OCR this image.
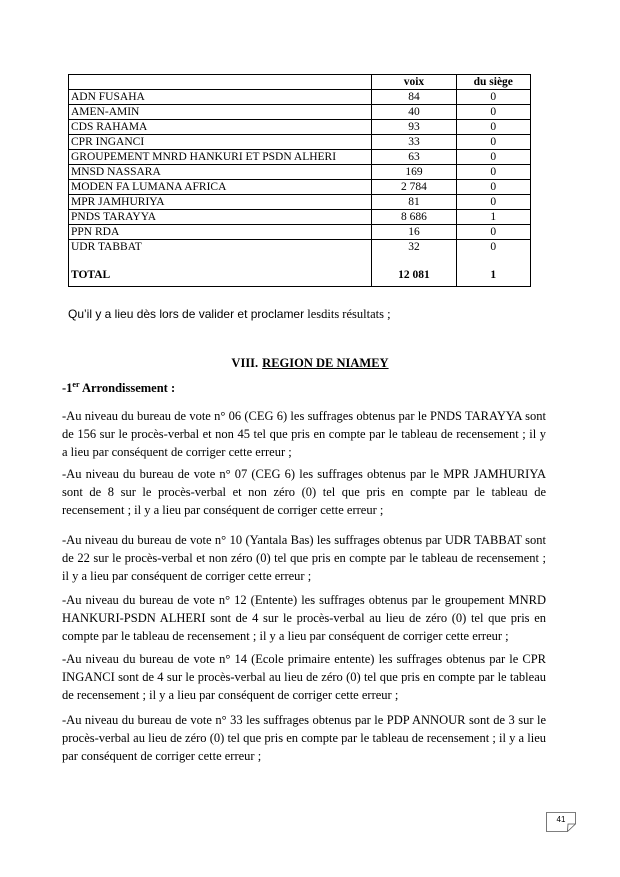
	voix	du siège
ADN FUSAHA	84	0
AMEN-AMIN	40	0
CDS RAHAMA	93	0
CPR INGANCI	33	0
GROUPEMENT MNRD HANKURI ET PSDN ALHERI	63	0
MNSD NASSARA	169	0
MODEN FA LUMANA AFRICA	2 784	0
MPR JAMHURIYA	81	0
PNDS TARAYYA	8 686	1
PPN RDA	16	0
UDR TABBAT	32	0
TOTAL	12 081	1
Qu’il y a lieu dès lors de valider et proclamer lesdits résultats ;
VIII. REGION DE NIAMEY
-1er Arrondissement :
-Au niveau du bureau de vote n° 06 (CEG 6) les suffrages obtenus par le PNDS TARAYYA sont de 156 sur le procès-verbal et non 45 tel que pris en compte par le tableau de recensement ; il y a lieu par conséquent de corriger cette erreur ;
-Au niveau du bureau de vote n° 07 (CEG 6) les suffrages obtenus par le MPR JAMHURIYA sont de 8 sur le procès-verbal et non zéro (0) tel que pris en compte par le tableau de recensement ; il y a lieu par conséquent de corriger cette erreur ;
-Au niveau du bureau de vote n° 10 (Yantala Bas) les suffrages obtenus par UDR TABBAT sont de 22 sur le procès-verbal et non zéro (0) tel que pris en compte par le tableau de recensement ; il y a lieu par conséquent de corriger cette erreur ;
-Au niveau du bureau de vote n° 12 (Entente) les suffrages obtenus par le groupement MNRD HANKURI-PSDN ALHERI sont de 4 sur le procès-verbal au lieu de zéro (0) tel que pris en compte par le tableau de recensement ; il y a lieu par conséquent de corriger cette erreur ;
-Au niveau du bureau de vote n° 14 (Ecole primaire entente) les suffrages obtenus par le CPR INGANCI sont de 4 sur le procès-verbal au lieu de zéro (0) tel que pris en compte par le tableau de recensement ; il y a lieu par conséquent de corriger cette erreur ;
-Au niveau du bureau de vote n° 33 les suffrages obtenus par le PDP ANNOUR sont de 3 sur le procès-verbal au lieu de zéro (0) tel que pris en compte par le tableau de recensement ; il y a lieu par conséquent de corriger cette erreur ;
41
